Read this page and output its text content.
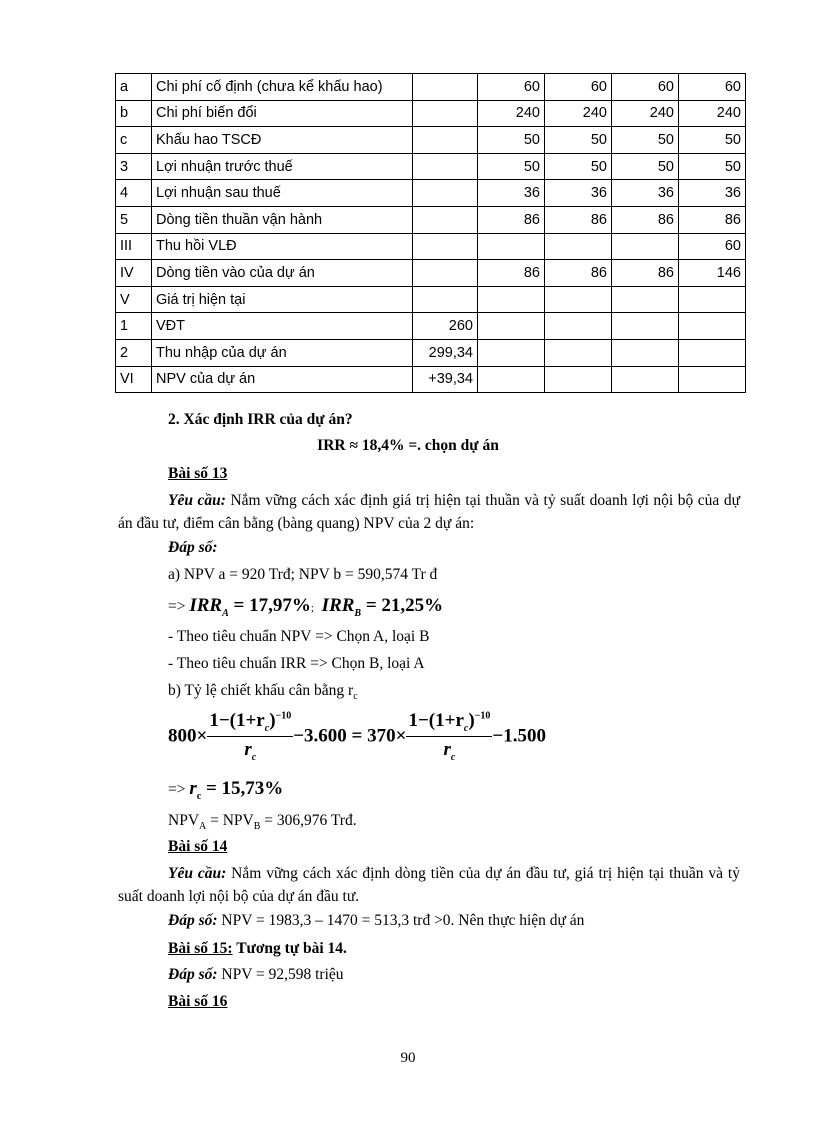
a	Chi phí cố định (chưa kể khấu hao)		60	60	60	60
b	Chi phí biến đổi		240	240	240	240
c	Khấu hao TSCĐ		50	50	50	50
3	Lợi nhuận trước thuế		50	50	50	50
4	Lợi nhuận sau thuế		36	36	36	36
5	Dòng tiền thuần vận hành		86	86	86	86
III	Thu hồi VLĐ					60
IV	Dòng tiền vào của dự án		86	86	86	146
V	Giá trị hiện tại					
1	VĐT	260				
2	Thu nhập của dự án	299,34				
VI	NPV của dự án	+39,34				
2. Xác định IRR của dự án?
IRR ≈ 18,4% =. chọn dự án
Bài số 13
Yêu cầu: Nắm vững cách xác định giá trị hiện tại thuần và tỷ suất doanh lợi nội bộ của dự án đầu tư, điểm cân bằng (bàng quang) NPV của 2 dự án:
Đáp số:
a) NPV a = 920 Trđ; NPV b = 590,574 Tr đ
=> $IRR_A = 17,97\%$; $IRR_B = 21,25\%$
- Theo tiêu chuẩn NPV => Chọn A, loại B
- Theo tiêu chuẩn IRR => Chọn B, loại A
b) Tỷ lệ chiết khấu cân bằng $r_c$
$800\times \frac{1-(1+r_c)^{-10}}{r_c} -3.600 = 370\times \frac{1-(1+r_c)^{-10}}{r_c} -1.500$
=> $r_c = 15,73\%$
$NPV_A = NPV_B = 306,976$ Trđ.
Bài số 14
Yêu cầu: Nắm vững cách xác định dòng tiền của dự án đầu tư, giá trị hiện tại thuần và tỷ suất doanh lợi nội bộ của dự án đầu tư.
Đáp số: NPV = 1983,3 – 1470 = 513,3 trđ >0. Nên thực hiện dự án
Bài số 15: Tương tự bài 14.
Đáp số: NPV = 92,598 triệu
Bài số 16
90
